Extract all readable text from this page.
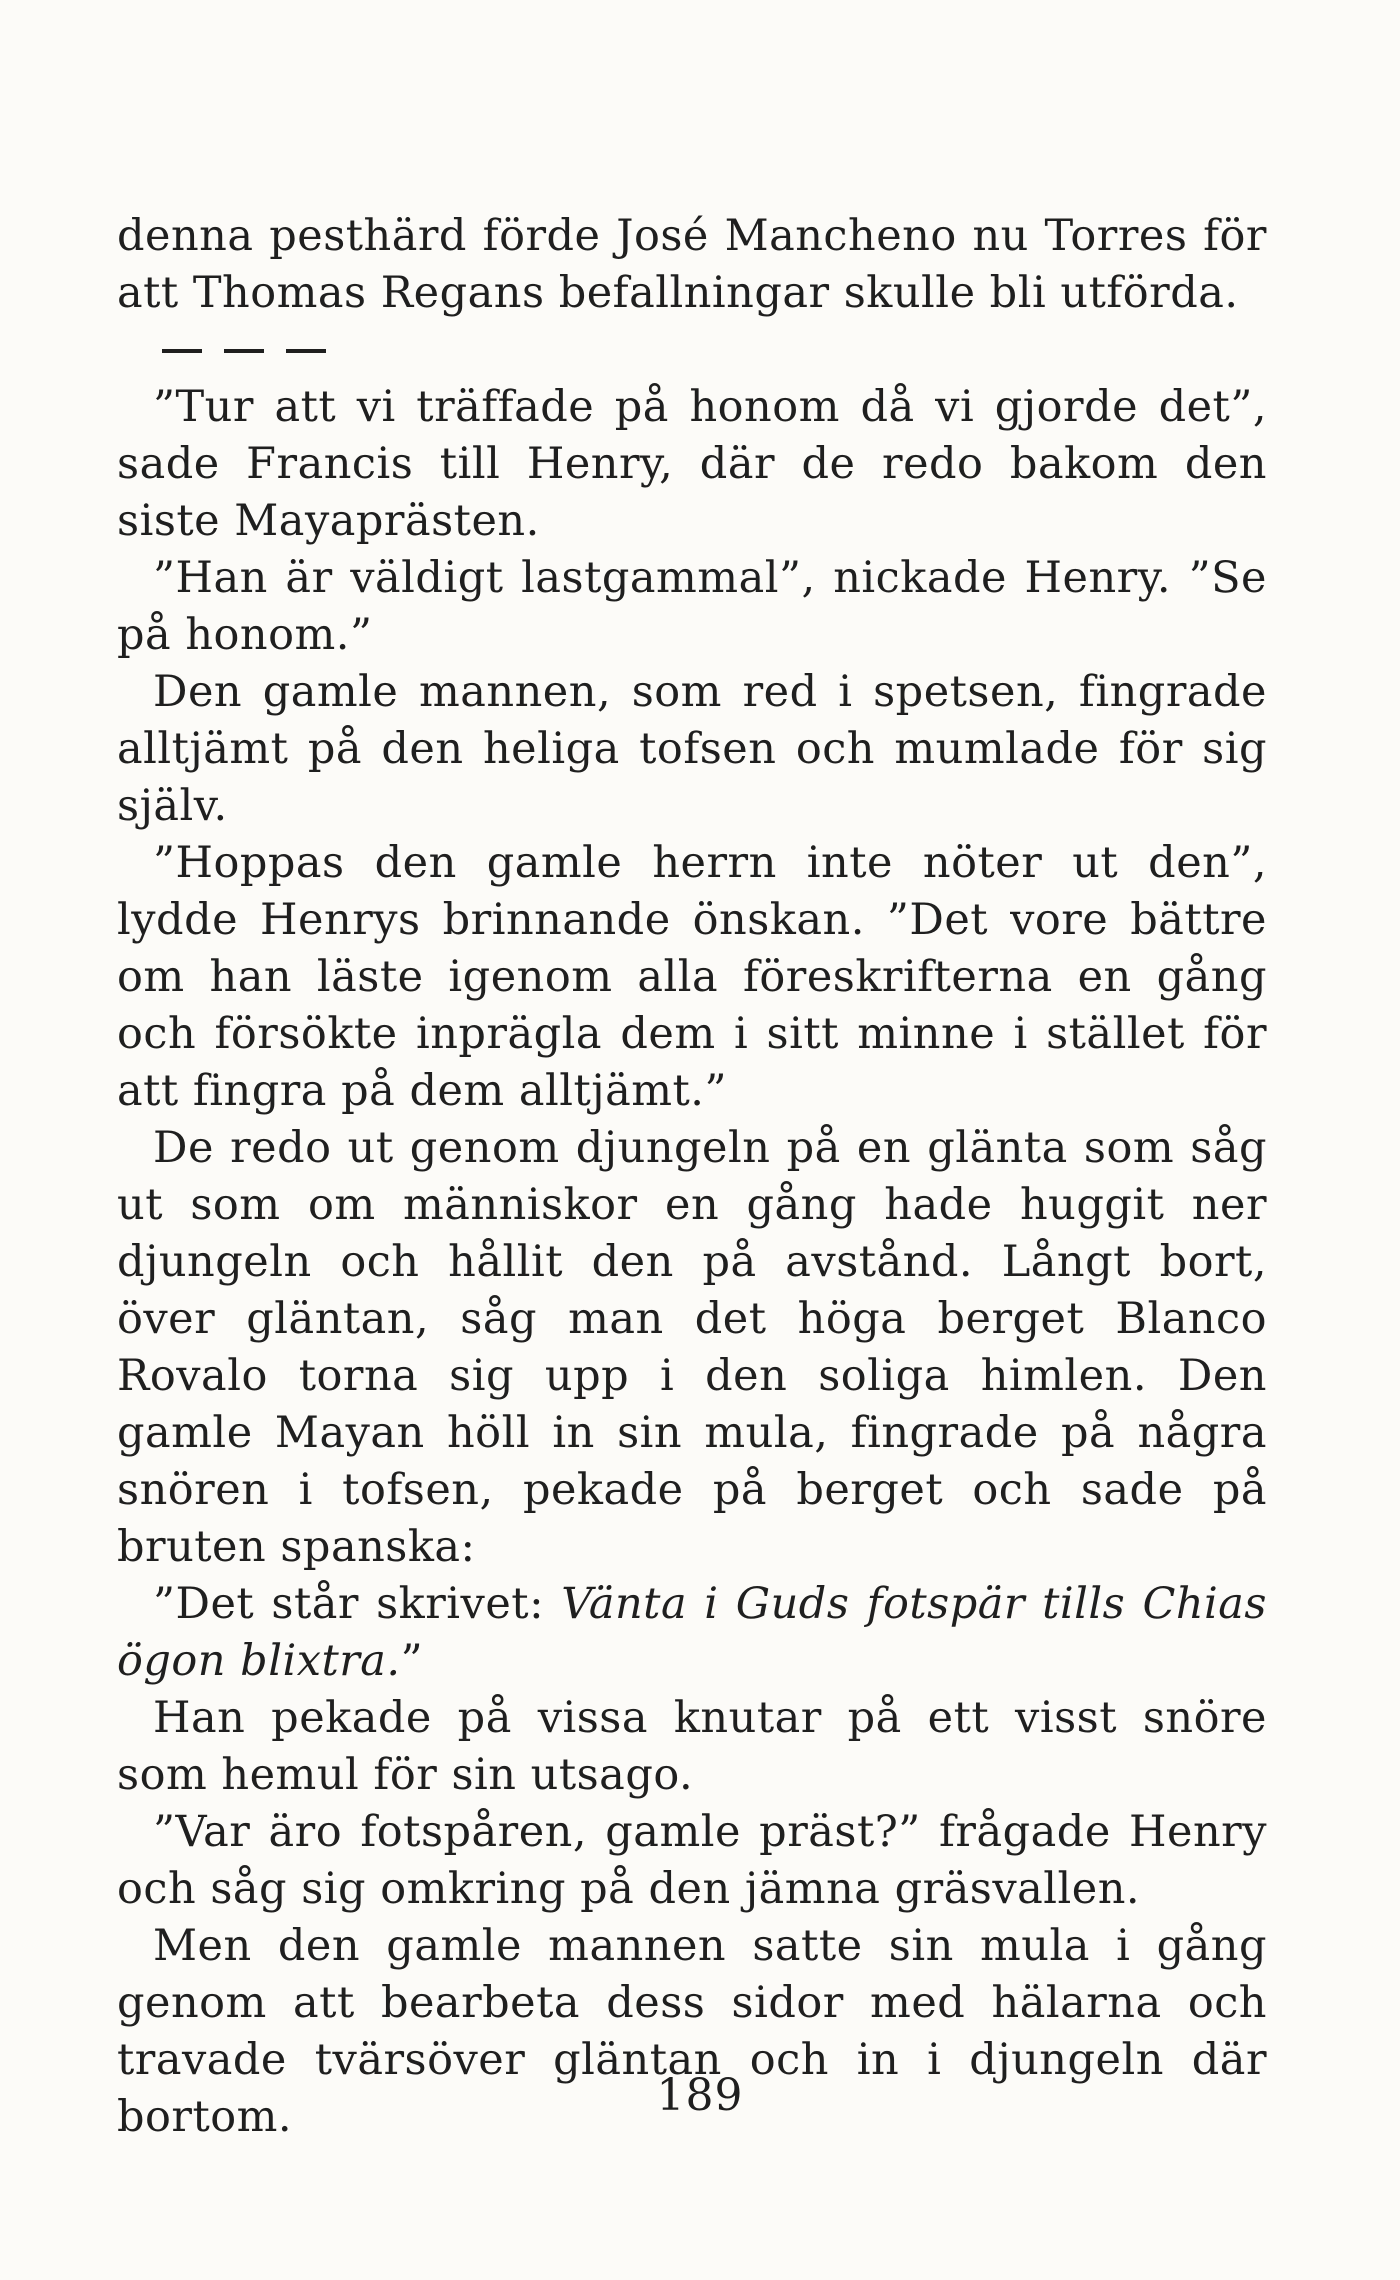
denna pesthärd förde José Mancheno nu Torres för att Thomas Regans befallningar skulle bli utförda.

”Tur att vi träffade på honom då vi gjorde det”, sade Francis till Henry, där de redo bakom den siste Mayaprästen.

”Han är väldigt lastgammal”, nickade Henry. ”Se på honom.”

Den gamle mannen, som red i spetsen, fingrade alltjämt på den heliga tofsen och mumlade för sig själv.

”Hoppas den gamle herrn inte nöter ut den”, lydde Henrys brinnande önskan. ”Det vore bättre om han läste igenom alla föreskrifterna en gång och försökte inprägla dem i sitt minne i stället för att fingra på dem alltjämt.”

De redo ut genom djungeln på en glänta som såg ut som om människor en gång hade huggit ner djungeln och hållit den på avstånd. Långt bort, över gläntan, såg man det höga berget Blanco Rovalo torna sig upp i den soliga himlen. Den gamle Mayan höll in sin mula, fingrade på några snören i tofsen, pekade på berget och sade på bruten spanska:

”Det står skrivet: Vänta i Guds fotspär tills Chias ögon blixtra.”

Han pekade på vissa knutar på ett visst snöre som hemul för sin utsago.

”Var äro fotspåren, gamle präst?” frågade Henry och såg sig omkring på den jämna gräsvallen.

Men den gamle mannen satte sin mula i gång genom att bearbeta dess sidor med hälarna och travade tvärsöver gläntan och in i djungeln där bortom.	189
